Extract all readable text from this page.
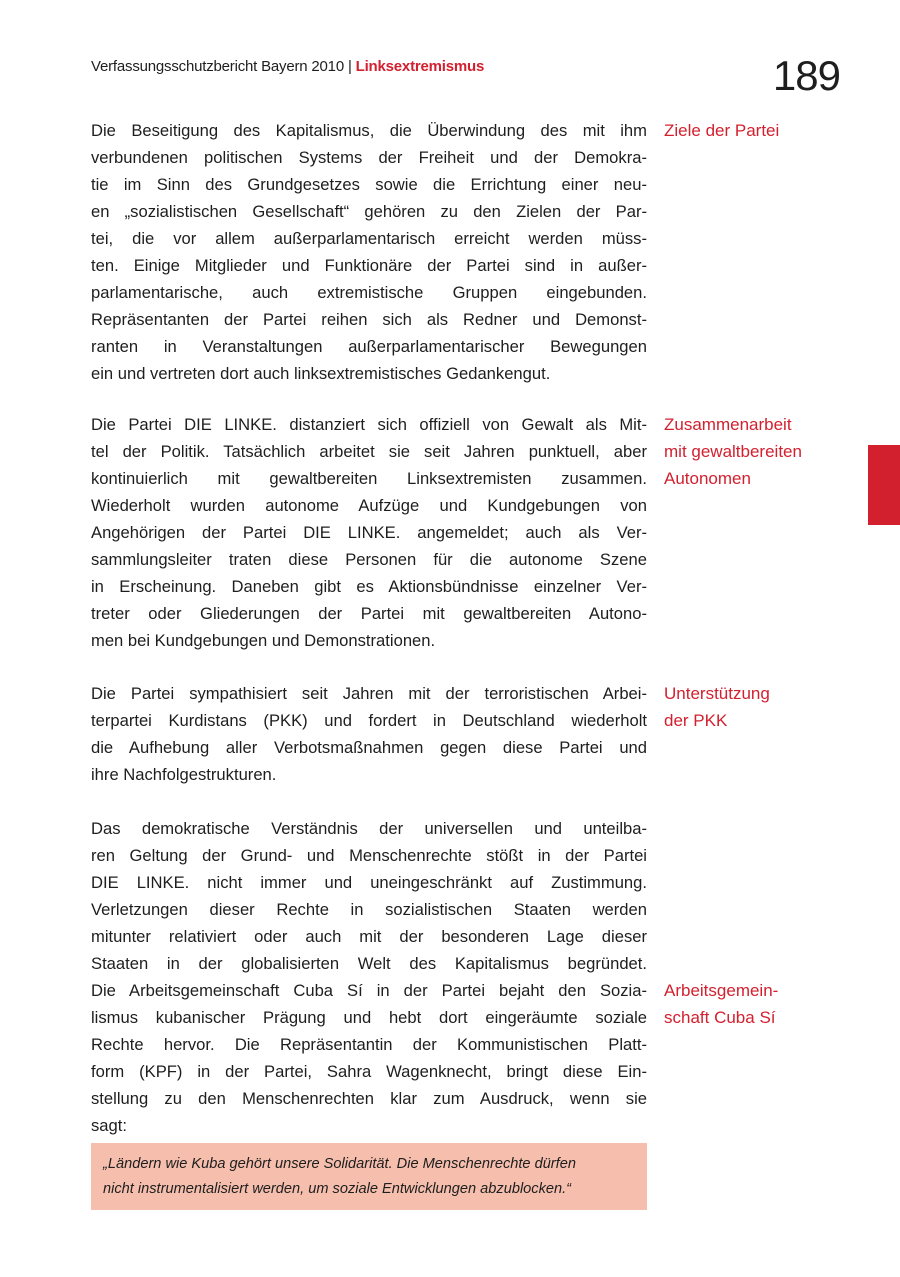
Verfassungsschutzbericht Bayern 2010 | Linksextremismus	189
Die Beseitigung des Kapitalismus, die Überwindung des mit ihm
verbundenen politischen Systems der Freiheit und der Demokra-
tie im Sinn des Grundgesetzes sowie die Errichtung einer neu-
en „sozialistischen Gesellschaft“ gehören zu den Zielen der Par-
tei, die vor allem außerparlamentarisch erreicht werden müss-
ten. Einige Mitglieder und Funktionäre der Partei sind in außer-
parlamentarische, auch extremistische Gruppen eingebunden.
Repräsentanten der Partei reihen sich als Redner und Demonst-
ranten in Veranstaltungen außerparlamentarischer Bewegungen
ein und vertreten dort auch linksextremistisches Gedankengut.
Die Partei DIE LINKE. distanziert sich offiziell von Gewalt als Mit-
tel der Politik. Tatsächlich arbeitet sie seit Jahren punktuell, aber
kontinuierlich mit gewaltbereiten Linksextremisten zusammen.
Wiederholt wurden autonome Aufzüge und Kundgebungen von
Angehörigen der Partei DIE LINKE. angemeldet; auch als Ver-
sammlungsleiter traten diese Personen für die autonome Szene
in Erscheinung. Daneben gibt es Aktionsbündnisse einzelner Ver-
treter oder Gliederungen der Partei mit gewaltbereiten Autono-
men bei Kundgebungen und Demonstrationen.
Die Partei sympathisiert seit Jahren mit der terroristischen Arbei-
terpartei Kurdistans (PKK) und fordert in Deutschland wiederholt
die Aufhebung aller Verbotsmaßnahmen gegen diese Partei und
ihre Nachfolgestrukturen.
Das demokratische Verständnis der universellen und unteilba-
ren Geltung der Grund- und Menschenrechte stößt in der Partei
DIE LINKE. nicht immer und uneingeschränkt auf Zustimmung.
Verletzungen dieser Rechte in sozialistischen Staaten werden
mitunter relativiert oder auch mit der besonderen Lage dieser
Staaten in der globalisierten Welt des Kapitalismus begründet.
Die Arbeitsgemeinschaft Cuba Sí in der Partei bejaht den Sozia-
lismus kubanischer Prägung und hebt dort eingeräumte soziale
Rechte hervor. Die Repräsentantin der Kommunistischen Platt-
form (KPF) in der Partei, Sahra Wagenknecht, bringt diese Ein-
stellung zu den Menschenrechten klar zum Ausdruck, wenn sie
sagt:
Ziele der Partei
Zusammenarbeit
mit gewaltbereiten
Autonomen
Unterstützung
der PKK
Arbeitsgemein-
schaft Cuba Sí
„Ländern wie Kuba gehört unsere Solidarität. Die Menschenrechte dürfen
nicht instrumentalisiert werden, um soziale Entwicklungen abzublocken.“
